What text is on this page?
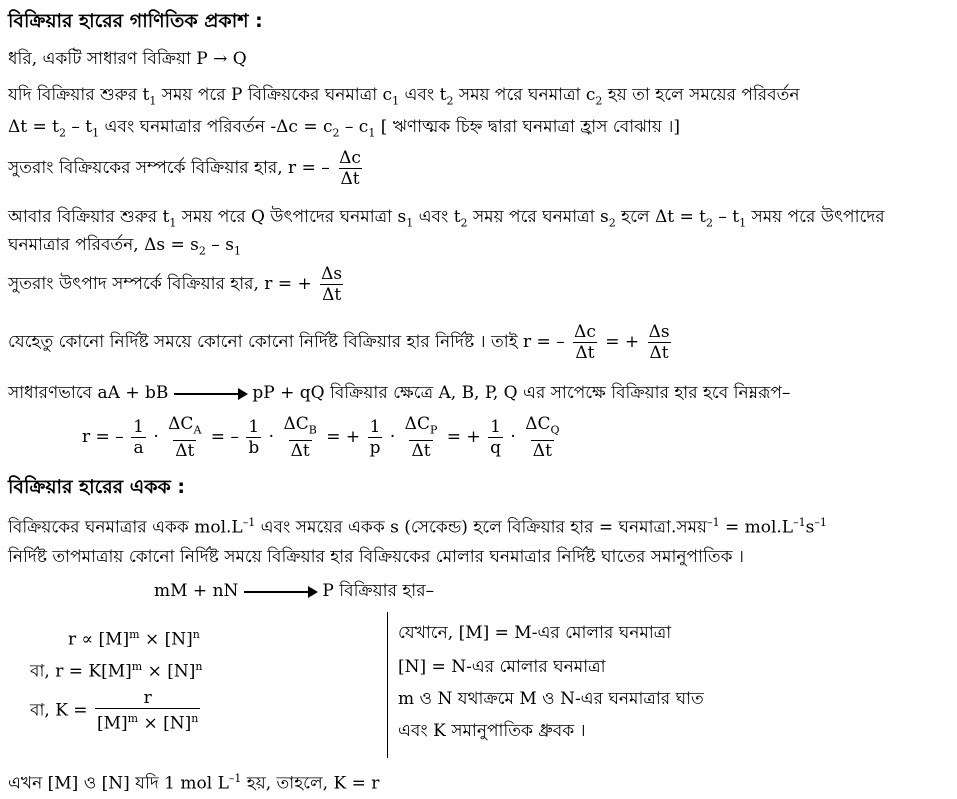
বিক্রিয়ার হারের গাণিতিক প্রকাশ :
ধরি, একটি সাধারণ বিক্রিয়া P → Q
যদি বিক্রিয়ার শুরুর $t_1$ সময় পরে P বিক্রিয়কের ঘনমাত্রা $c_1$ এবং $t_2$ সময় পরে ঘনমাত্রা $c_2$ হয় তা হলে সময়ের পরিবর্তন
$\Delta t = t_2 - t_1$ এবং ঘনমাত্রার পরিবর্তন $-\Delta c = c_2 - c_1$ [ ঋণাত্মক চিহ্ন দ্বারা ঘনমাত্রা হ্রাস বোঝায় ।]
সুতরাং বিক্রিয়কের সম্পর্কে বিক্রিয়ার হার, r = – $\frac{\Delta c}{\Delta t}$
আবার বিক্রিয়ার শুরুর $t_1$ সময় পরে Q উৎপাদের ঘনমাত্রা $s_1$ এবং $t_2$ সময় পরে ঘনমাত্রা $s_2$ হলে $\Delta t = t_2 - t_1$ সময় পরে উৎপাদের
ঘনমাত্রার পরিবর্তন, $\Delta s = s_2 - s_1$
সুতরাং উৎপাদ সম্পর্কে বিক্রিয়ার হার, r = + $\frac{\Delta s}{\Delta t}$
যেহেতু কোনো নির্দিষ্ট সময়ে কোনো কোনো নির্দিষ্ট বিক্রিয়ার হার নির্দিষ্ট । তাই r = – $\frac{\Delta c}{\Delta t}$ = + $\frac{\Delta s}{\Delta t}$
সাধারণভাবে aA + bB	pP + qQ বিক্রিয়ার ক্ষেত্রে A, B, P, Q এর সাপেক্ষে বিক্রিয়ার হার হবে নিম্নরূপ–
r = – $\frac{1}{a} \cdot \frac{\Delta C_A}{\Delta t}$ = – $\frac{1}{b} \cdot \frac{\Delta C_B}{\Delta t}$ = + $\frac{1}{p} \cdot \frac{\Delta C_P}{\Delta t}$ = + $\frac{1}{q} \cdot \frac{\Delta C_Q}{\Delta t}$
বিক্রিয়ার হারের একক :
বিক্রিয়কের ঘনমাত্রার একক $mol.L^{-1}$ এবং সময়ের একক s (সেকেন্ড) হলে বিক্রিয়ার হার = ঘনমাত্রা.সময়$^{-1}$ = $mol.L^{-1}s^{-1}$
নির্দিষ্ট তাপমাত্রায় কোনো নির্দিষ্ট সময়ে বিক্রিয়ার হার বিক্রিয়কের মোলার ঘনমাত্রার নির্দিষ্ট ঘাতের সমানুপাতিক ।
mM + nN	P বিক্রিয়ার হার–
$r \propto [M]^m \times [N]^n$
বা, $r = K[M]^m \times [N]^n$
বা, $K = \frac{r}{[M]^m \times [N]^n}$
যেখানে, [M] = M-এর মোলার ঘনমাত্রা
[N] = N-এর মোলার ঘনমাত্রা
m ও N যথাক্রমে M ও N-এর ঘনমাত্রার ঘাত
এবং K সমানুপাতিক ধ্রুবক ।
এখন [M] ও [N] যদি 1 mol $L^{-1}$ হয়, তাহলে, K = r
